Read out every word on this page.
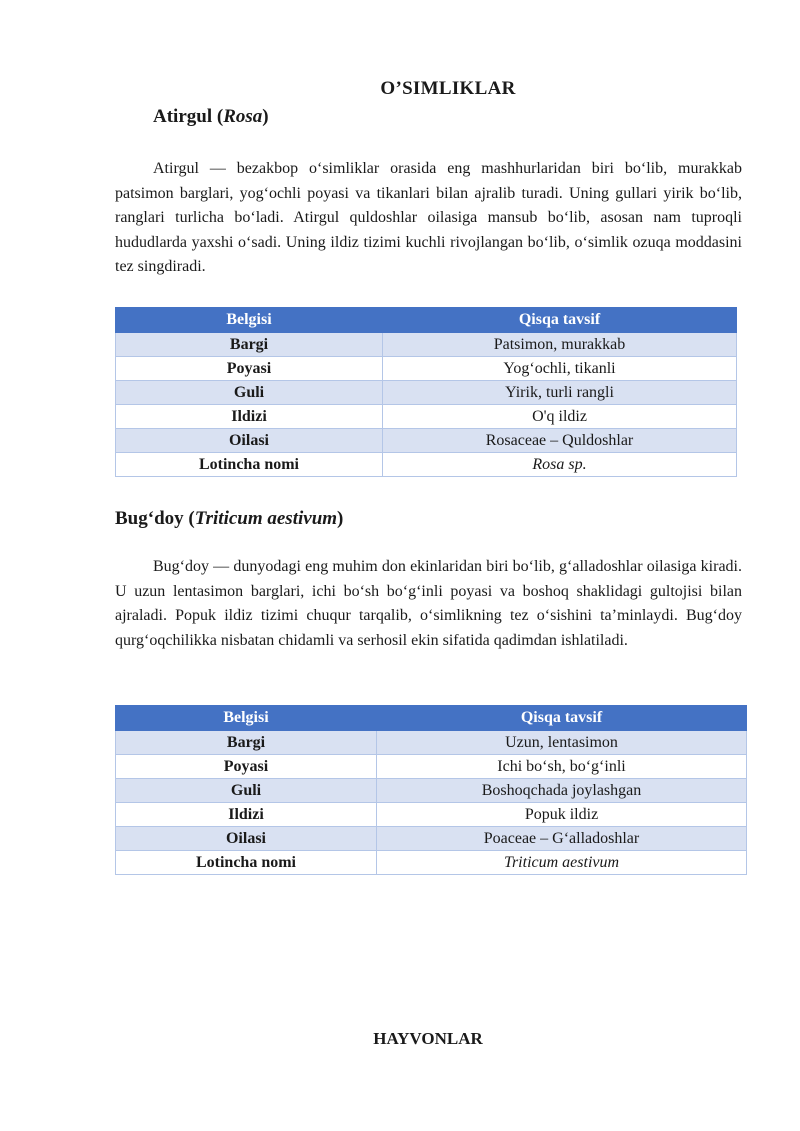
O’SIMLIKLAR
Atirgul (Rosa)

Atirgul — bezakbop o‘simliklar orasida eng mashhurlaridan biri bo‘lib, murakkab patsimon barglari, yog‘ochli poyasi va tikanlari bilan ajralib turadi. Uning gullari yirik bo‘lib, ranglari turlicha bo‘ladi. Atirgul quldoshlar oilasiga mansub bo‘lib, asosan nam tuproqli hududlarda yaxshi o‘sadi. Uning ildiz tizimi kuchli rivojlangan bo‘lib, o‘simlik ozuqa moddasini tez singdiradi.

Belgisi	Qisqa tavsif
Bargi	Patsimon, murakkab
Poyasi	Yog‘ochli, tikanli
Guli	Yirik, turli rangli
Ildizi	O'q ildiz
Oilasi	Rosaceae – Quldoshlar
Lotincha nomi	Rosa sp.
Bug‘doy (Triticum aestivum)

Bug‘doy — dunyodagi eng muhim don ekinlaridan biri bo‘lib, g‘alladoshlar oilasiga kiradi. U uzun lentasimon barglari, ichi bo‘sh bo‘g‘inli poyasi va boshoq shaklidagi gultojisi bilan ajraladi. Popuk ildiz tizimi chuqur tarqalib, o‘simlikning tez o‘sishini ta’minlaydi. Bug‘doy qurg‘oqchilikka nisbatan chidamli va serhosil ekin sifatida qadimdan ishlatiladi.

Belgisi	Qisqa tavsif
Bargi	Uzun, lentasimon
Poyasi	Ichi bo‘sh, bo‘g‘inli
Guli	Boshoqchada joylashgan
Ildizi	Popuk ildiz
Oilasi	Poaceae – G‘alladoshlar
Lotincha nomi	Triticum aestivum
HAYVONLAR
